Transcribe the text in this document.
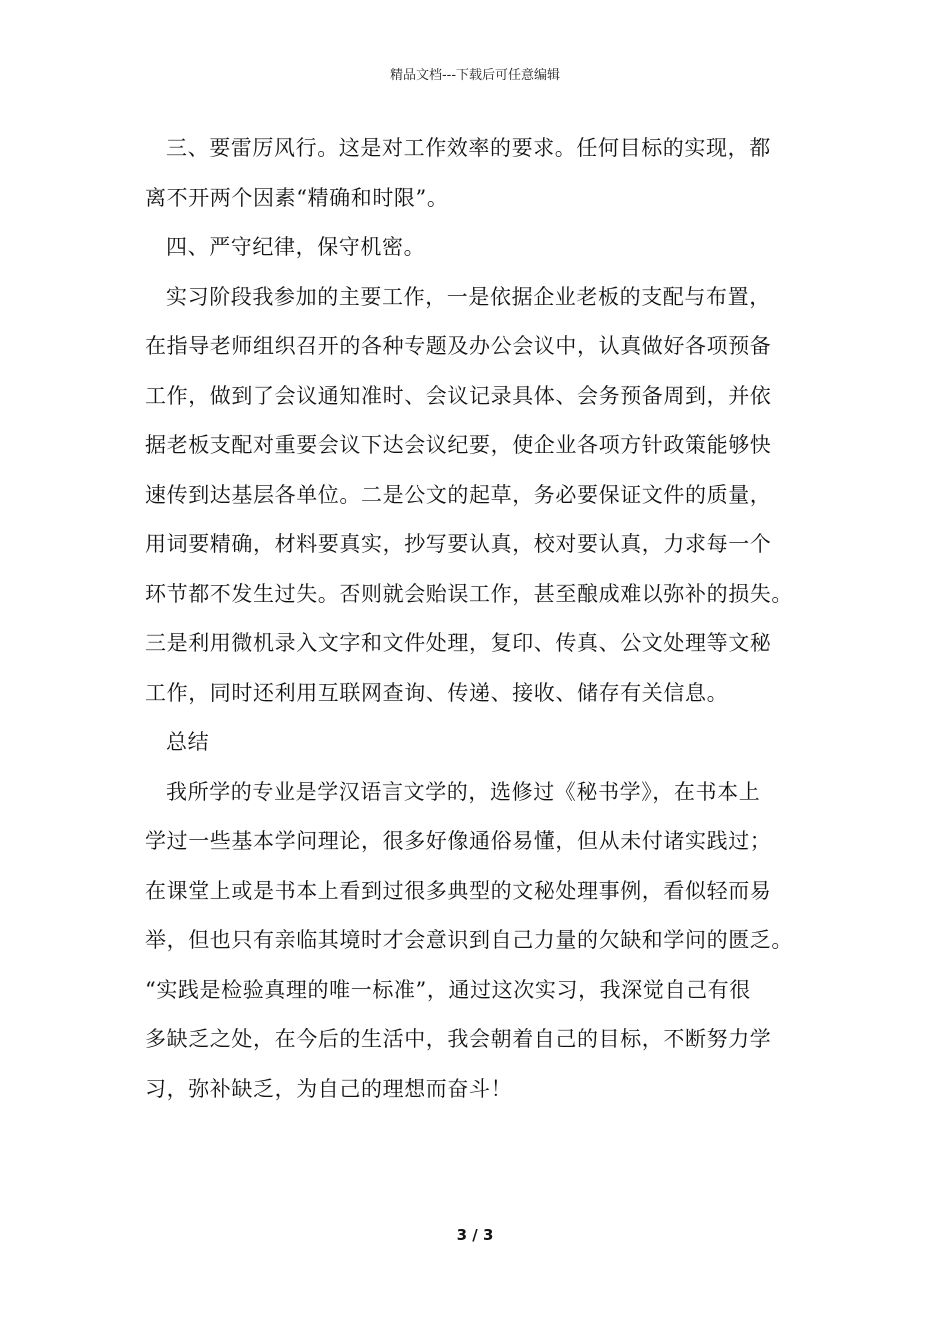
精品文档---下载后可任意编辑
三、要雷厉风行。这是对工作效率的要求。任何目标的实现，都
离不开两个因素“精确和时限”。
四、严守纪律，保守机密。
实习阶段我参加的主要工作，一是依据企业老板的支配与布置，
在指导老师组织召开的各种专题及办公会议中，认真做好各项预备
工作，做到了会议通知准时、会议记录具体、会务预备周到，并依
据老板支配对重要会议下达会议纪要，使企业各项方针政策能够快
速传到达基层各单位。二是公文的起草，务必要保证文件的质量，
用词要精确，材料要真实，抄写要认真，校对要认真，力求每一个
环节都不发生过失。否则就会贻误工作，甚至酿成难以弥补的损失。
三是利用微机录入文字和文件处理，复印、传真、公文处理等文秘
工作，同时还利用互联网查询、传递、接收、储存有关信息。
总结
我所学的专业是学汉语言文学的，选修过《秘书学》，在书本上
学过一些基本学问理论，很多好像通俗易懂，但从未付诸实践过；
在课堂上或是书本上看到过很多典型的文秘处理事例，看似轻而易
举，但也只有亲临其境时才会意识到自己力量的欠缺和学问的匮乏。
“实践是检验真理的唯一标准”，通过这次实习，我深觉自己有很
多缺乏之处，在今后的生活中，我会朝着自己的目标，不断努力学
习，弥补缺乏，为自己的理想而奋斗！
3 / 3
